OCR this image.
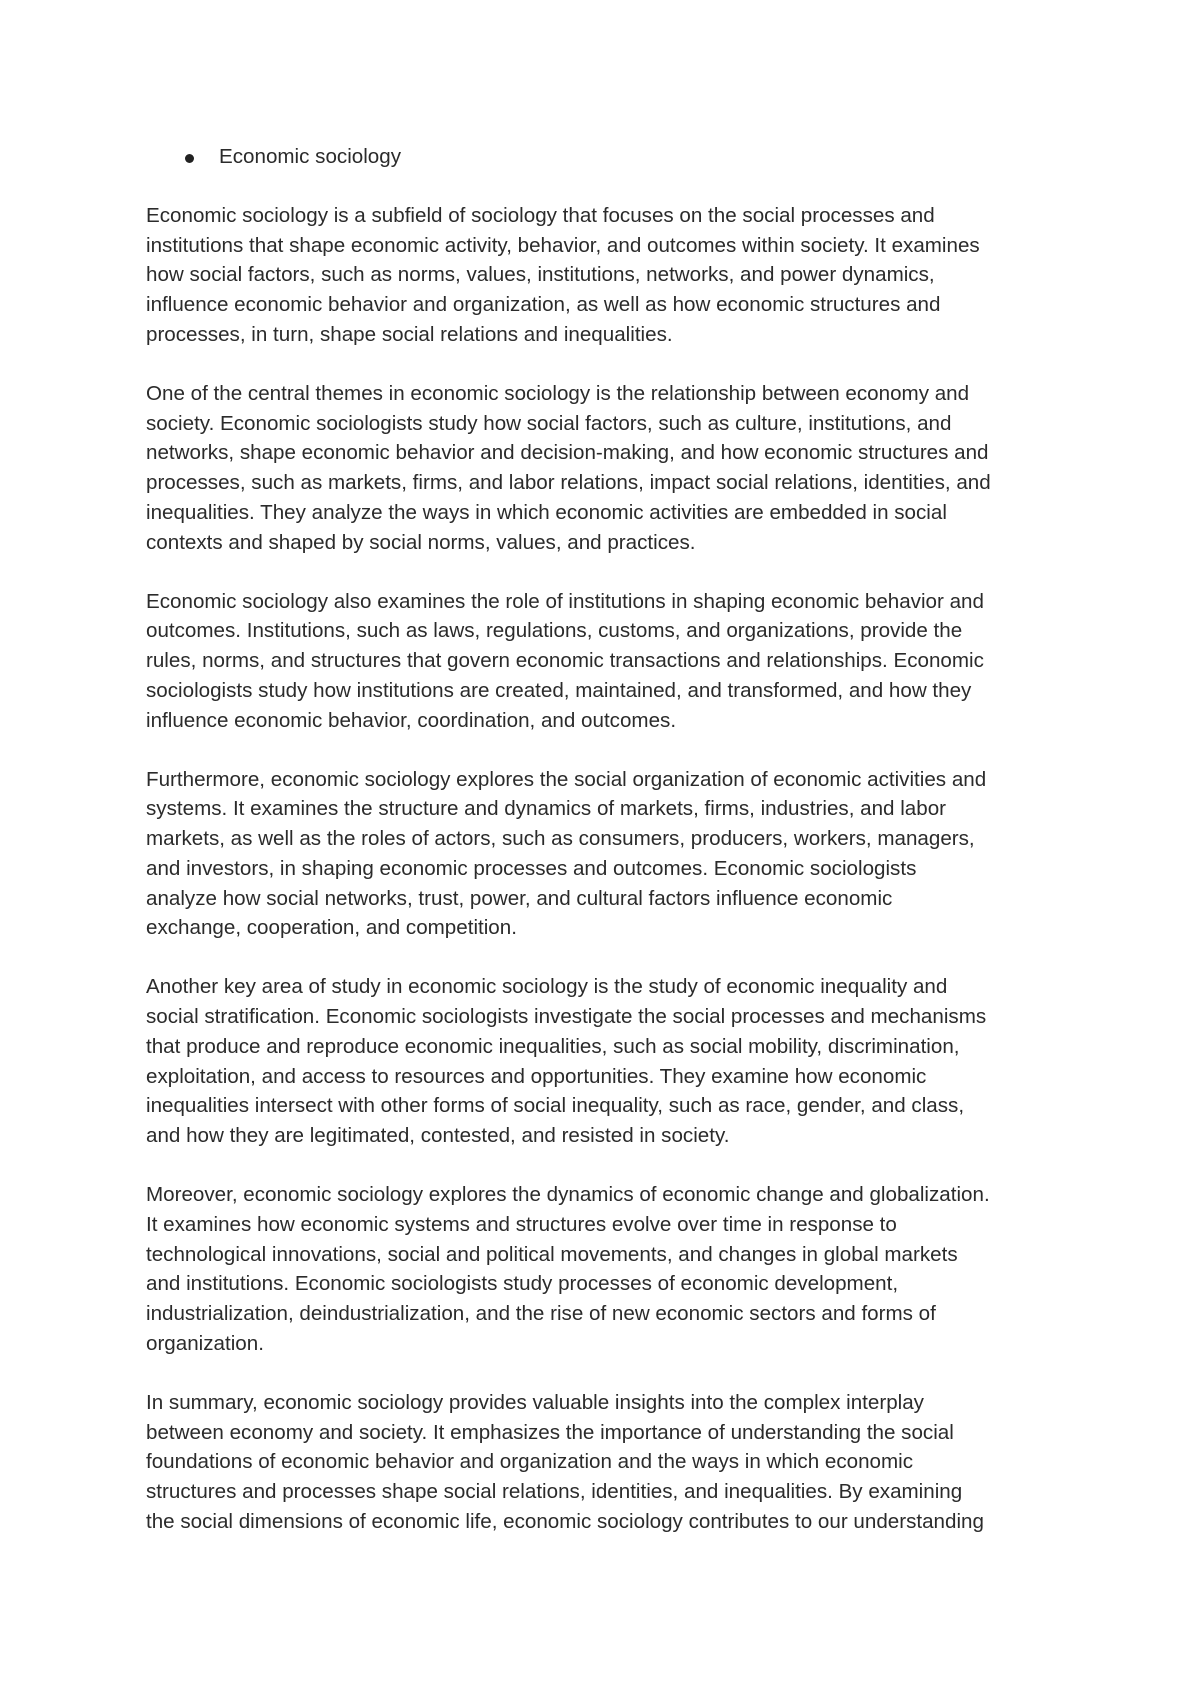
Economic sociology

Economic sociology is a subfield of sociology that focuses on the social processes and
institutions that shape economic activity, behavior, and outcomes within society. It examines
how social factors, such as norms, values, institutions, networks, and power dynamics,
influence economic behavior and organization, as well as how economic structures and
processes, in turn, shape social relations and inequalities.

One of the central themes in economic sociology is the relationship between economy and
society. Economic sociologists study how social factors, such as culture, institutions, and
networks, shape economic behavior and decision-making, and how economic structures and
processes, such as markets, firms, and labor relations, impact social relations, identities, and
inequalities. They analyze the ways in which economic activities are embedded in social
contexts and shaped by social norms, values, and practices.

Economic sociology also examines the role of institutions in shaping economic behavior and
outcomes. Institutions, such as laws, regulations, customs, and organizations, provide the
rules, norms, and structures that govern economic transactions and relationships. Economic
sociologists study how institutions are created, maintained, and transformed, and how they
influence economic behavior, coordination, and outcomes.

Furthermore, economic sociology explores the social organization of economic activities and
systems. It examines the structure and dynamics of markets, firms, industries, and labor
markets, as well as the roles of actors, such as consumers, producers, workers, managers,
and investors, in shaping economic processes and outcomes. Economic sociologists
analyze how social networks, trust, power, and cultural factors influence economic
exchange, cooperation, and competition.

Another key area of study in economic sociology is the study of economic inequality and
social stratification. Economic sociologists investigate the social processes and mechanisms
that produce and reproduce economic inequalities, such as social mobility, discrimination,
exploitation, and access to resources and opportunities. They examine how economic
inequalities intersect with other forms of social inequality, such as race, gender, and class,
and how they are legitimated, contested, and resisted in society.

Moreover, economic sociology explores the dynamics of economic change and globalization.
It examines how economic systems and structures evolve over time in response to
technological innovations, social and political movements, and changes in global markets
and institutions. Economic sociologists study processes of economic development,
industrialization, deindustrialization, and the rise of new economic sectors and forms of
organization.

In summary, economic sociology provides valuable insights into the complex interplay
between economy and society. It emphasizes the importance of understanding the social
foundations of economic behavior and organization and the ways in which economic
structures and processes shape social relations, identities, and inequalities. By examining
the social dimensions of economic life, economic sociology contributes to our understanding
